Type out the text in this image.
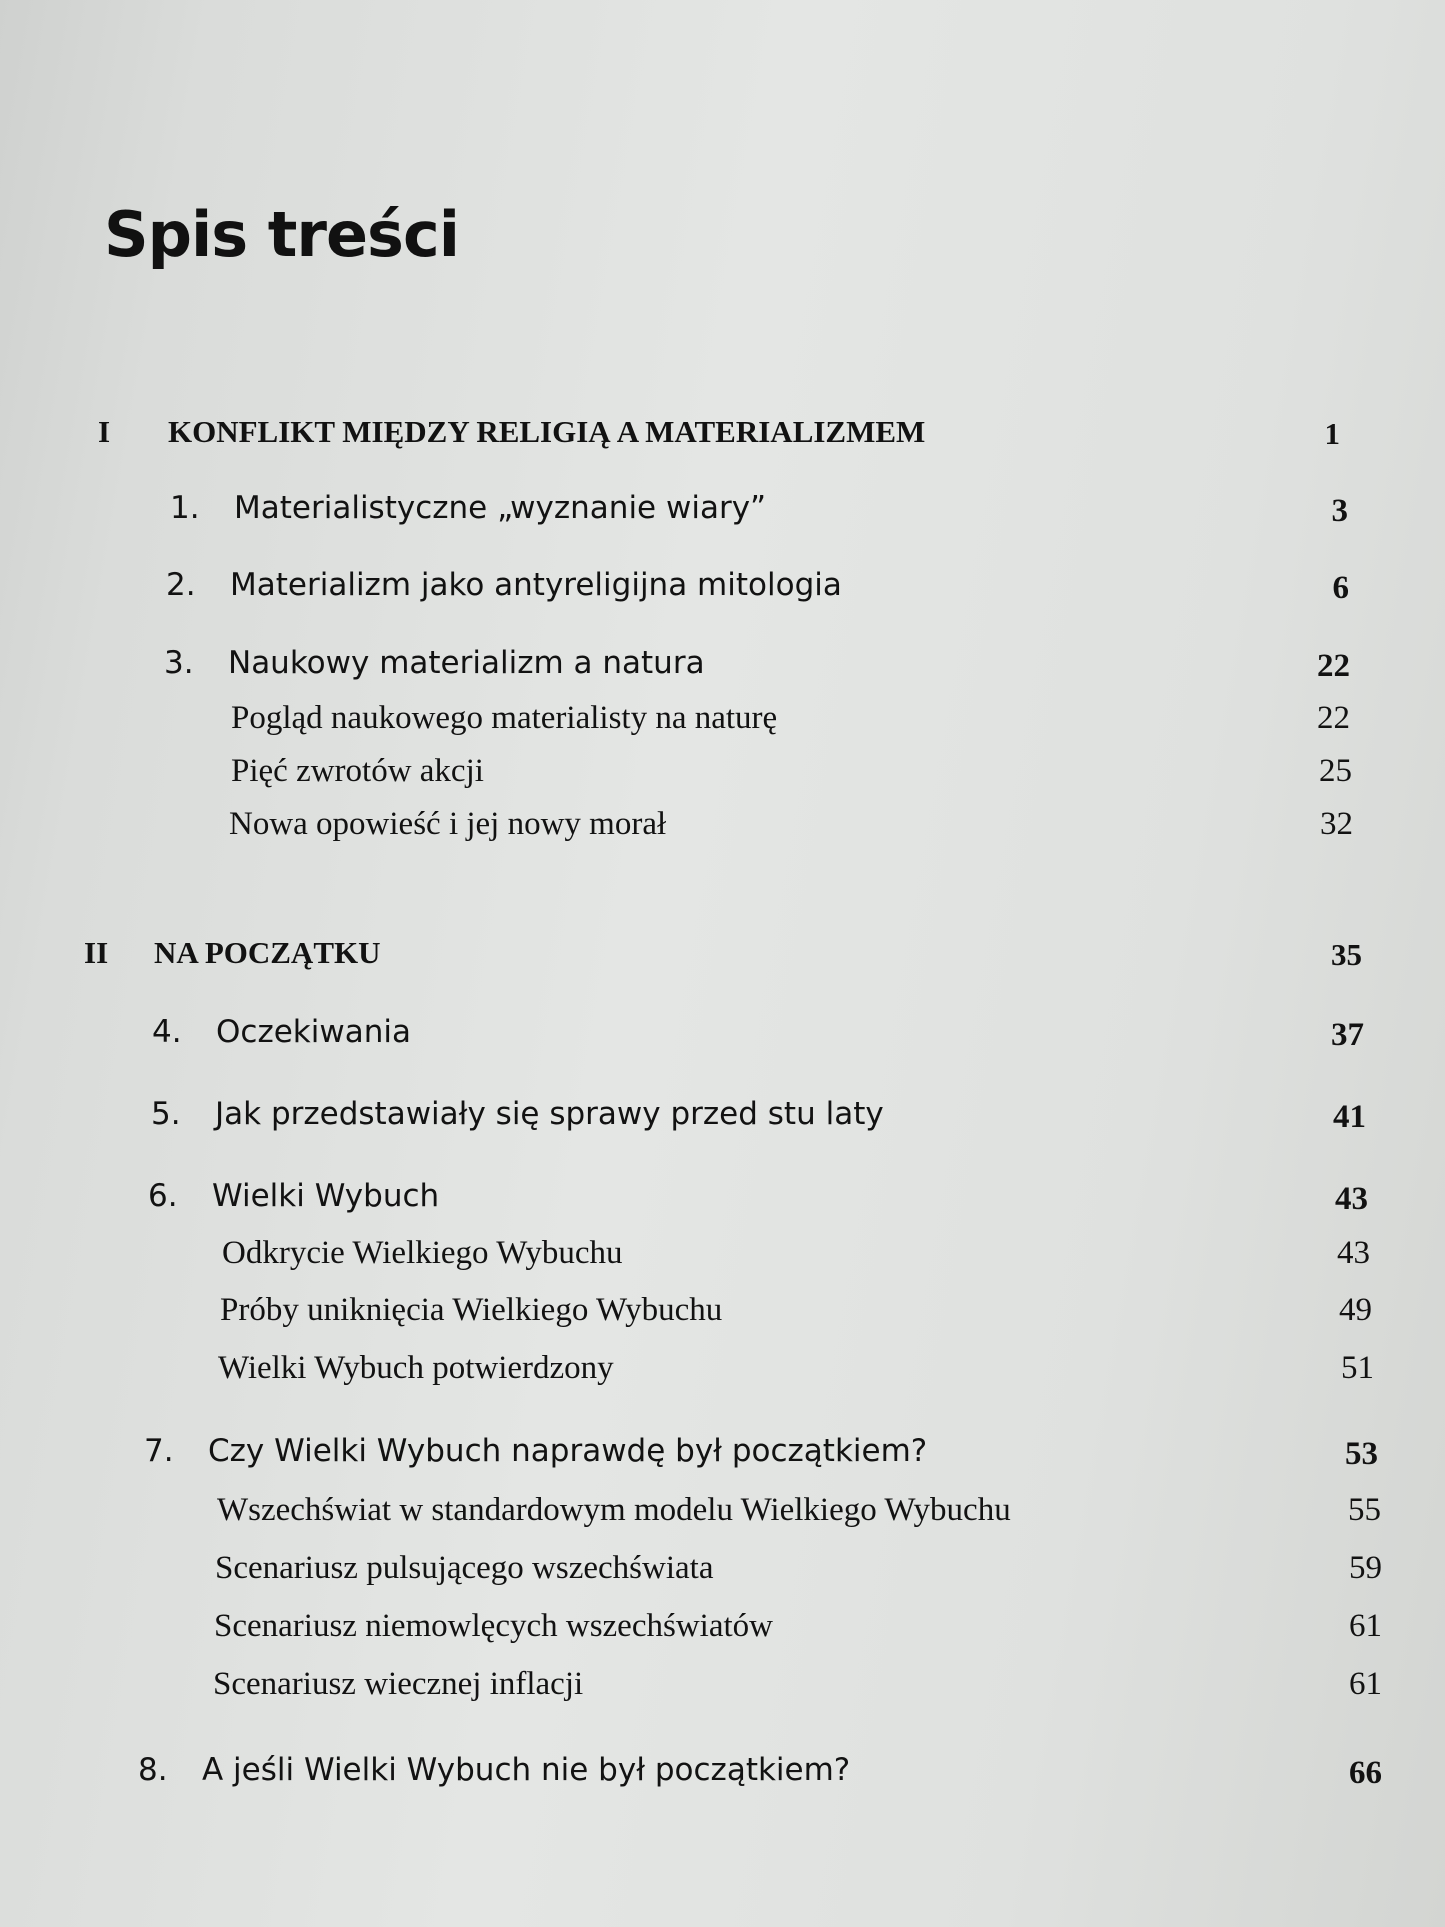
Spis treści
I	KONFLIKT MIĘDZY RELIGIĄ A MATERIALIZMEM	1
1.	Materialistyczne „wyznanie wiary”	3
2.	Materializm jako antyreligijna mitologia	6
3.	Naukowy materializm a natura	22
Pogląd naukowego materialisty na naturę	22
Pięć zwrotów akcji	25
Nowa opowieść i jej nowy morał	32
II	NA POCZĄTKU	35
4.	Oczekiwania	37
5.	Jak przedstawiały się sprawy przed stu laty	41
6.	Wielki Wybuch	43
Odkrycie Wielkiego Wybuchu	43
Próby uniknięcia Wielkiego Wybuchu	49
Wielki Wybuch potwierdzony	51
7.	Czy Wielki Wybuch naprawdę był początkiem?	53
Wszechświat w standardowym modelu Wielkiego Wybuchu	55
Scenariusz pulsującego wszechświata	59
Scenariusz niemowlęcych wszechświatów	61
Scenariusz wiecznej inflacji	61
8.	A jeśli Wielki Wybuch nie był początkiem?	66
